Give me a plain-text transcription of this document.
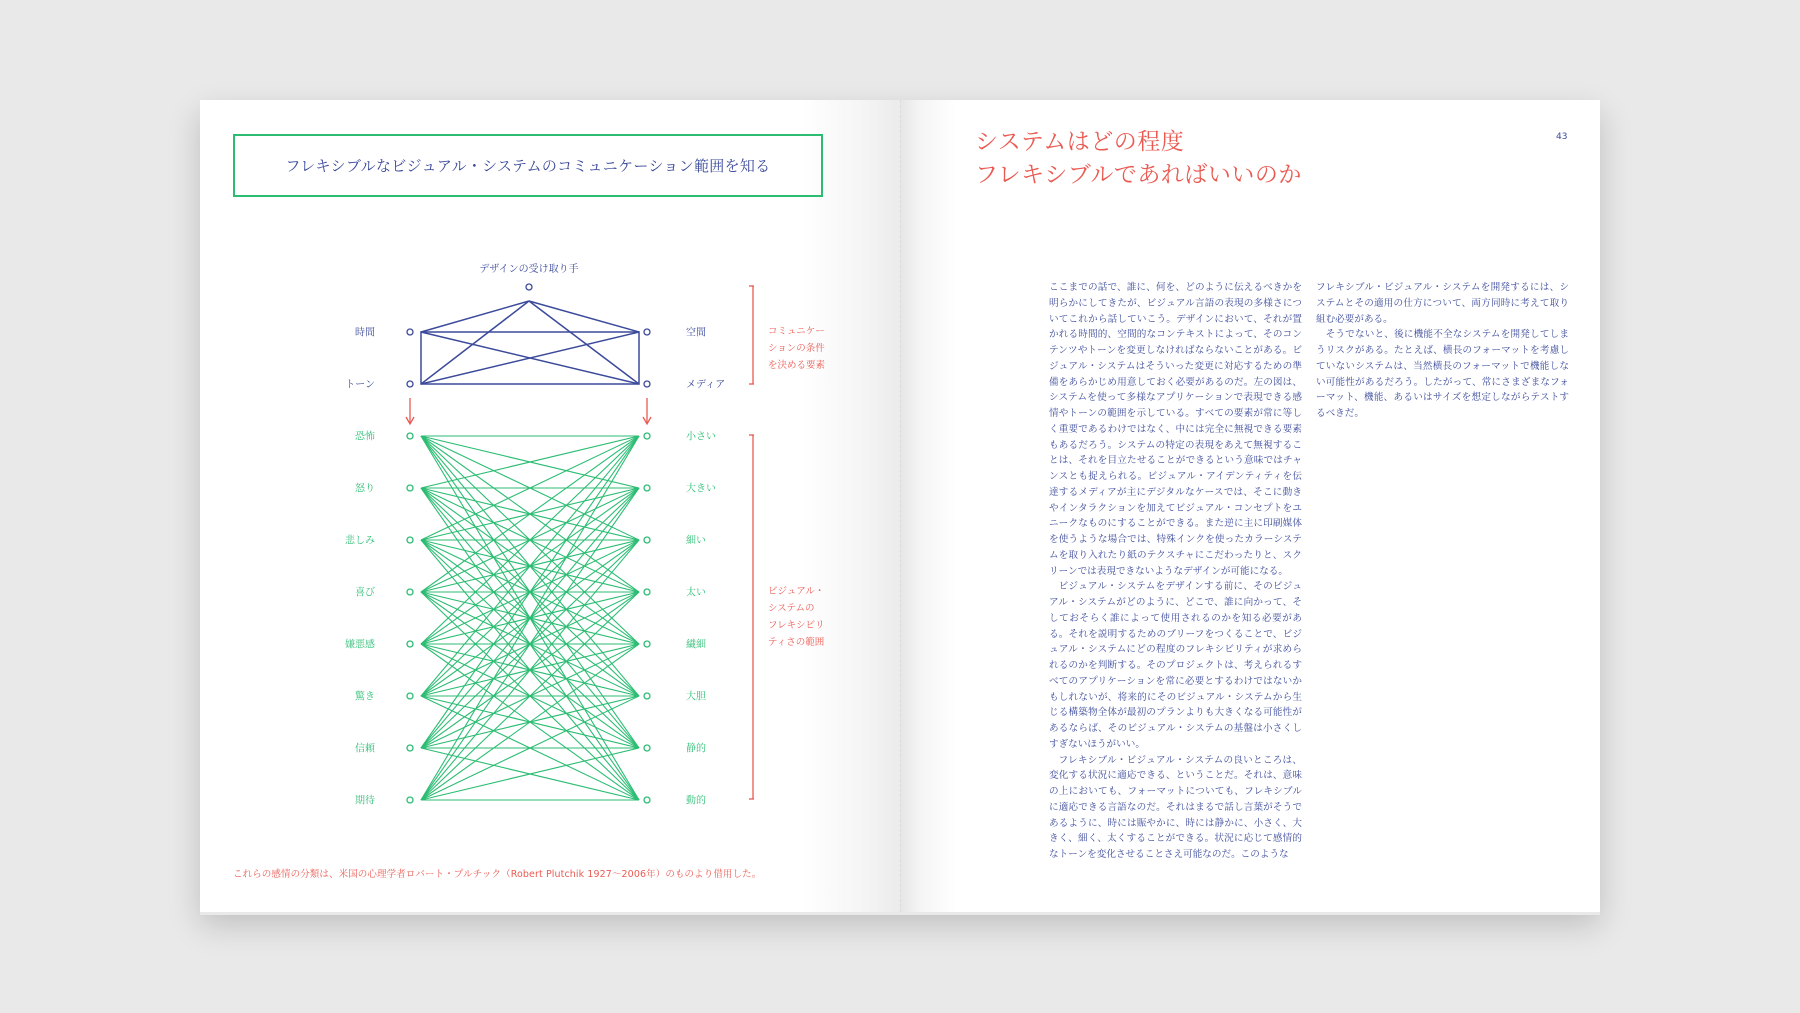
フレキシブルなビジュアル・システムのコミュニケーション範囲を知る
デザインの受け取り手
時間
トーン
空間
メディア
恐怖
怒り
悲しみ
喜び
嫌悪感
驚き
信頼
期待
小さい
大きい
細い
太い
繊細
大胆
静的
動的
コミュニケー
ションの条件
を決める要素
ビジュアル・
システムの
フレキシビリ
ティさの範囲
これらの感情の分類は、米国の心理学者ロバート・プルチック（Robert Plutchik 1927〜2006年）のものより借用した。
システムはどの程度
フレキシブルであればいいのか
43

ここまでの話で、誰に、何を、どのように伝えるべきかを明らかにしてきたが、ビジュアル言語の表現の多様さについてこれから話していこう。デザインにおいて、それが置かれる時間的、空間的なコンテキストによって、そのコンテンツやトーンを変更しなければならないことがある。ビジュアル・システムはそういった変更に対応するための準備をあらかじめ用意しておく必要があるのだ。左の図は、システムを使って多様なアプリケーションで表現できる感情やトーンの範囲を示している。すべての要素が常に等しく重要であるわけではなく、中には完全に無視できる要素もあるだろう。システムの特定の表現をあえて無視することは、それを目立たせることができるという意味ではチャンスとも捉えられる。ビジュアル・アイデンティティを伝達するメディアが主にデジタルなケースでは、そこに動きやインタラクションを加えてビジュアル・コンセプトをユニークなものにすることができる。また逆に主に印刷媒体を使うような場合では、特殊インクを使ったカラーシステムを取り入れたり紙のテクスチャにこだわったりと、スクリーンでは表現できないようなデザインが可能になる。

ビジュアル・システムをデザインする前に、そのビジュアル・システムがどのように、どこで、誰に向かって、そしておそらく誰によって使用されるのかを知る必要がある。それを説明するためのブリーフをつくることで、ビジュアル・システムにどの程度のフレキシビリティが求められるのかを判断する。そのプロジェクトは、考えられるすべてのアプリケーションを常に必要とするわけではないかもしれないが、将来的にそのビジュアル・システムから生じる構築物全体が最初のプランよりも大きくなる可能性があるならば、そのビジュアル・システムの基盤は小さくしすぎないほうがいい。

フレキシブル・ビジュアル・システムの良いところは、変化する状況に適応できる、ということだ。それは、意味の上においても、フォーマットについても、フレキシブルに適応できる言語なのだ。それはまるで話し言葉がそうであるように、時には賑やかに、時には静かに、小さく、大きく、細く、太くすることができる。状況に応じて感情的なトーンを変化させることさえ可能なのだ。このような

フレキシブル・ビジュアル・システムを開発するには、システムとその適用の仕方について、両方同時に考えて取り組む必要がある。

そうでないと、後に機能不全なシステムを開発してしまうリスクがある。たとえば、横長のフォーマットを考慮していないシステムは、当然横長のフォーマットで機能しない可能性があるだろう。したがって、常にさまざまなフォーマット、機能、あるいはサイズを想定しながらテストするべきだ。
